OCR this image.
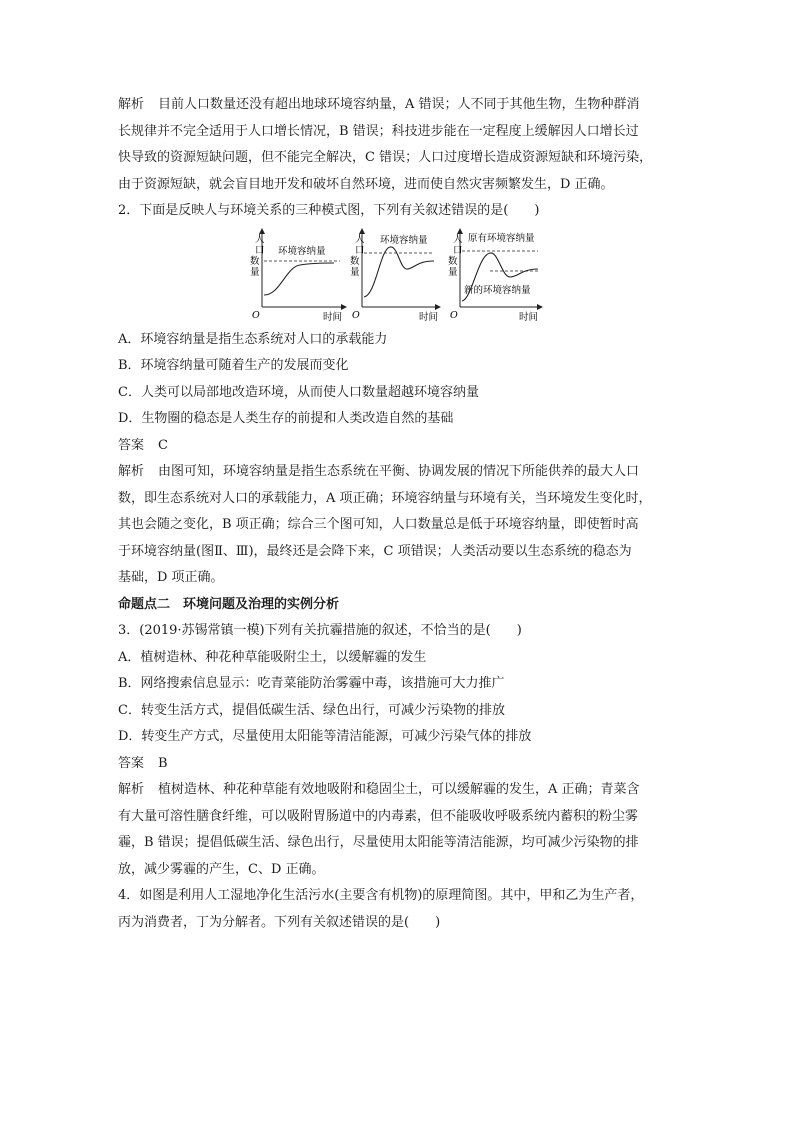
解析 目前人口数量还没有超出地球环境容纳量，A 错误；人不同于其他生物，生物种群消
长规律并不完全适用于人口增长情况，B 错误；科技进步能在一定程度上缓解因人口增长过
快导致的资源短缺问题，但不能完全解决，C 错误；人口过度增长造成资源短缺和环境污染，
由于资源短缺，就会盲目地开发和破坏自然环境，进而使自然灾害频繁发生，D 正确。
2．下面是反映人与环境关系的三种模式图，下列有关叙述错误的是(　　)
人
口
数
量
O	时间
环境容纳量
人
口
数
量
O	时间
环境容纳量	人
口
数
量
O	时间
原有环境容纳量
新的环境容纳量
A．环境容纳量是指生态系统对人口的承载能力
B．环境容纳量可随着生产的发展而变化
C．人类可以局部地改造环境，从而使人口数量超越环境容纳量
D．生物圈的稳态是人类生存的前提和人类改造自然的基础
答案 C
解析 由图可知，环境容纳量是指生态系统在平衡、协调发展的情况下所能供养的最大人口
数，即生态系统对人口的承载能力，A 项正确；环境容纳量与环境有关，当环境发生变化时，
其也会随之变化，B 项正确；综合三个图可知，人口数量总是低于环境容纳量，即使暂时高
于环境容纳量(图Ⅱ、Ⅲ)，最终还是会降下来，C 项错误；人类活动要以生态系统的稳态为
基础，D 项正确。
命题点二　环境问题及治理的实例分析
3．(2019·苏锡常镇一模)下列有关抗霾措施的叙述，不恰当的是(　　)
A．植树造林、种花种草能吸附尘土，以缓解霾的发生
B．网络搜索信息显示：吃青菜能防治雾霾中毒，该措施可大力推广
C．转变生活方式，提倡低碳生活、绿色出行，可减少污染物的排放
D．转变生产方式，尽量使用太阳能等清洁能源，可减少污染气体的排放
答案 B
解析 植树造林、种花种草能有效地吸附和稳固尘土，可以缓解霾的发生，A 正确；青菜含
有大量可溶性膳食纤维，可以吸附胃肠道中的内毒素，但不能吸收呼吸系统内蓄积的粉尘雾
霾，B 错误；提倡低碳生活、绿色出行，尽量使用太阳能等清洁能源，均可减少污染物的排
放，减少雾霾的产生，C、D 正确。
4．如图是利用人工湿地净化生活污水(主要含有机物)的原理简图。其中，甲和乙为生产者，
丙为消费者，丁为分解者。下列有关叙述错误的是(　　)
